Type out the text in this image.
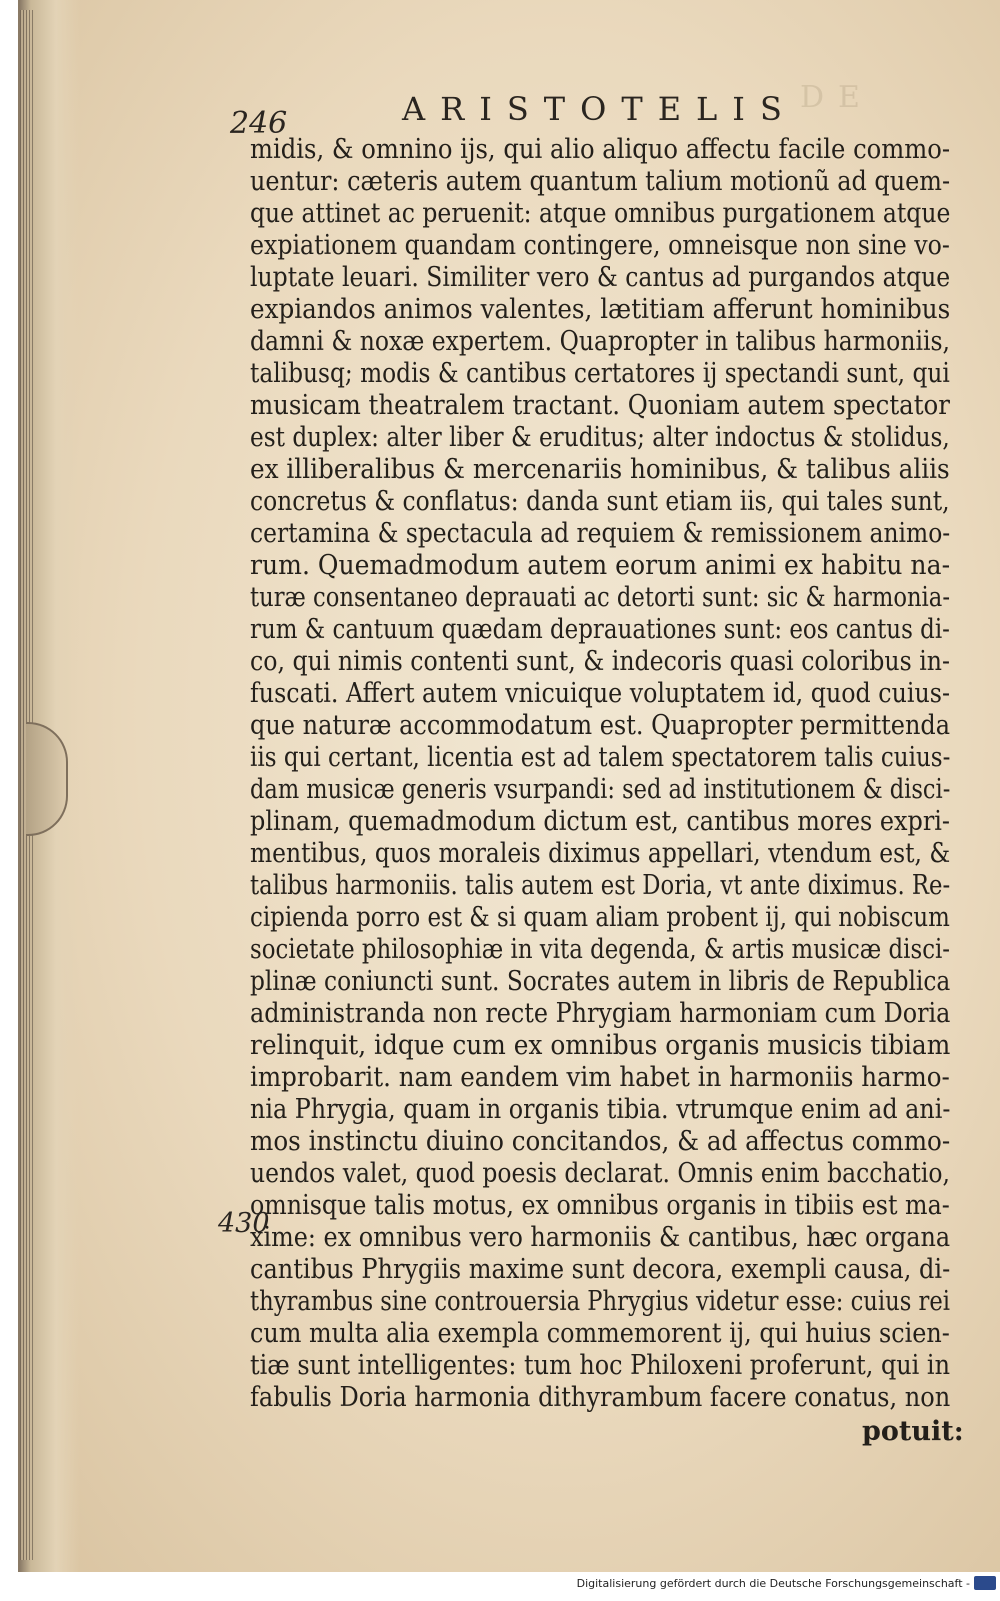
DE
246	ARISTOTELIS
midis, & omnino ijs, qui alio aliquo affectu facile commo-
uentur: cæteris autem quantum talium motionũ ad quem-
que attinet ac peruenit: atque omnibus purgationem atque
expiationem quandam contingere, omneisque non sine vo-
luptate leuari. Similiter vero & cantus ad purgandos atque
expiandos animos valentes, lætitiam afferunt hominibus
damni & noxæ expertem. Quapropter in talibus harmoniis,
talibusq; modis & cantibus certatores ij spectandi sunt, qui
musicam theatralem tractant. Quoniam autem spectator
est duplex: alter liber & eruditus; alter indoctus & stolidus,
ex illiberalibus & mercenariis hominibus, & talibus aliis
concretus & conflatus: danda sunt etiam iis, qui tales sunt,
certamina & spectacula ad requiem & remissionem animo-
rum. Quemadmodum autem eorum animi ex habitu na-
turæ consentaneo deprauati ac detorti sunt: sic & harmonia-
rum & cantuum quædam deprauationes sunt: eos cantus di-
co, qui nimis contenti sunt, & indecoris quasi coloribus in-
fuscati. Affert autem vnicuique voluptatem id, quod cuius-
que naturæ accommodatum est. Quapropter permittenda
iis qui certant, licentia est ad talem spectatorem talis cuius-
dam musicæ generis vsurpandi: sed ad institutionem & disci-
plinam, quemadmodum dictum est, cantibus mores expri-
mentibus, quos moraleis diximus appellari, vtendum est, &
talibus harmoniis. talis autem est Doria, vt ante diximus. Re-
cipienda porro est & si quam aliam probent ij, qui nobiscum
societate philosophiæ in vita degenda, & artis musicæ disci-
plinæ coniuncti sunt. Socrates autem in libris de Republica
administranda non recte Phrygiam harmoniam cum Doria
relinquit, idque cum ex omnibus organis musicis tibiam
improbarit. nam eandem vim habet in harmoniis harmo-
nia Phrygia, quam in organis tibia. vtrumque enim ad ani-
mos instinctu diuino concitandos, & ad affectus commo-
uendos valet, quod poesis declarat. Omnis enim bacchatio,
omnisque talis motus, ex omnibus organis in tibiis est ma-
xime: ex omnibus vero harmoniis & cantibus, hæc organa
cantibus Phrygiis maxime sunt decora, exempli causa, di-
thyrambus sine controuersia Phrygius videtur esse: cuius rei
cum multa alia exempla commemorent ij, qui huius scien-
tiæ sunt intelligentes: tum hoc Philoxeni proferunt, qui in
fabulis Doria harmonia dithyrambum facere conatus, non
430
potuit:
Digitalisierung gefördert durch die Deutsche Forschungsgemeinschaft -
